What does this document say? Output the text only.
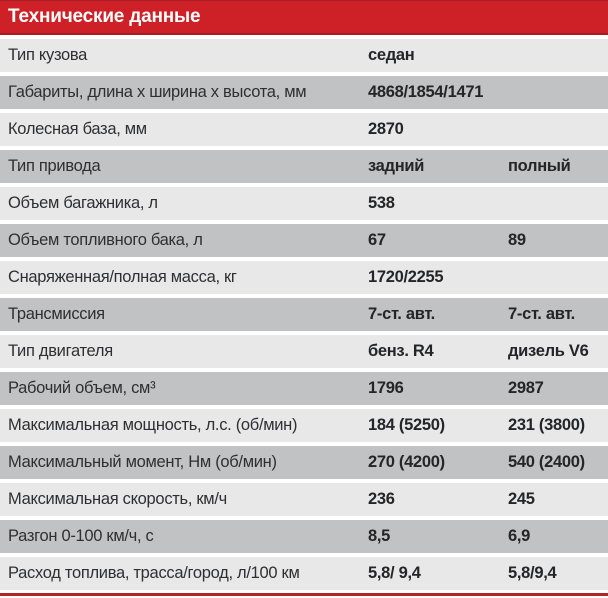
Технические данные
Тип кузова	седан
Габариты, длина х ширина х высота, мм	4868/1854/1471
Колесная база, мм	2870
Тип привода	задний	полный
Объем багажника, л	538
Объем топливного бака, л	67	89
Снаряженная/полная масса, кг	1720/2255
Трансмиссия	7-ст. авт.	7-ст. авт.
Тип двигателя	бенз. R4	дизель V6
Рабочий объем, см³	1796	2987
Максимальная мощность, л.с. (об/мин)	184 (5250)	231 (3800)
Максимальный момент, Нм (об/мин)	270 (4200)	540 (2400)
Максимальная скорость, км/ч	236	245
Разгон 0-100 км/ч, с	8,5	6,9
Расход топлива, трасса/город, л/100 км	5,8/ 9,4	5,8/9,4
